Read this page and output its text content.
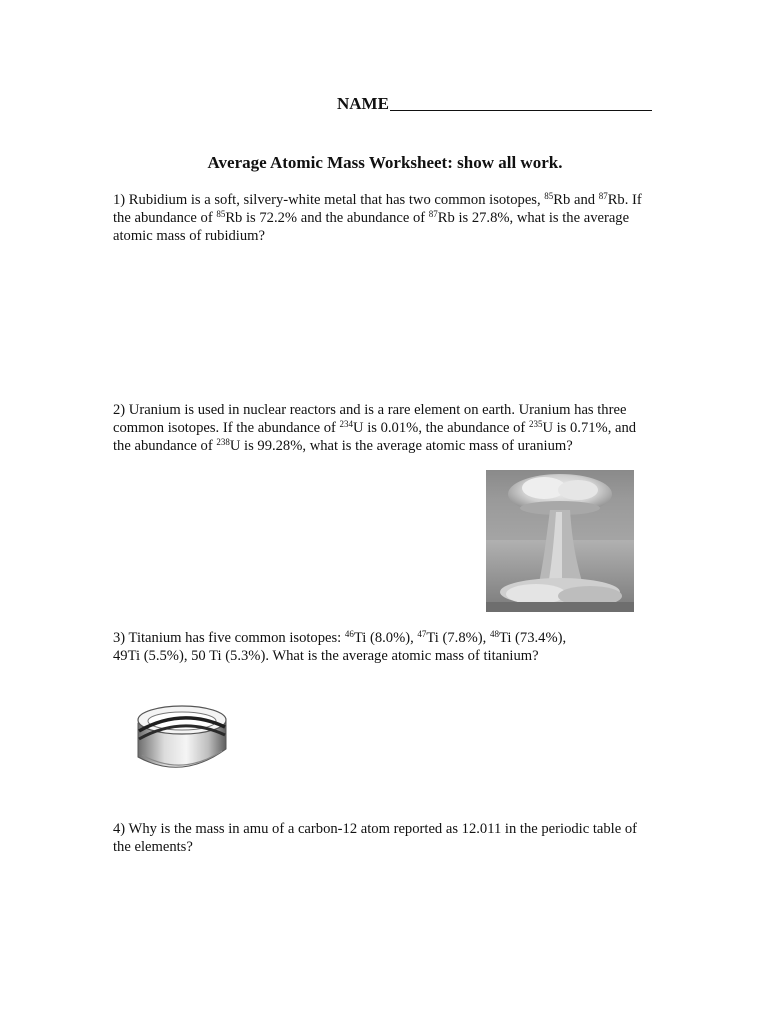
NAME
Average Atomic Mass Worksheet: show all work.

1) Rubidium is a soft, silvery-white metal that has two common isotopes, $^{85}$Rb and $^{87}$Rb. If the abundance of $^{85}$Rb is 72.2% and the abundance of $^{87}$Rb is 27.8%, what is the average atomic mass of rubidium?

2) Uranium is used in nuclear reactors and is a rare element on earth. Uranium has three common isotopes. If the abundance of $^{234}$U is 0.01%, the abundance of $^{235}$U is 0.71%, and the abundance of $^{238}$U is 99.28%, what is the average atomic mass of uranium?

3) Titanium has five common isotopes: $^{46}$Ti (8.0%), $^{47}$Ti (7.8%), $^{48}$Ti (73.4%),

49Ti (5.5%), 50 Ti (5.3%). What is the average atomic mass of titanium?

4) Why is the mass in amu of a carbon-12 atom reported as 12.011 in the periodic table of the elements?
